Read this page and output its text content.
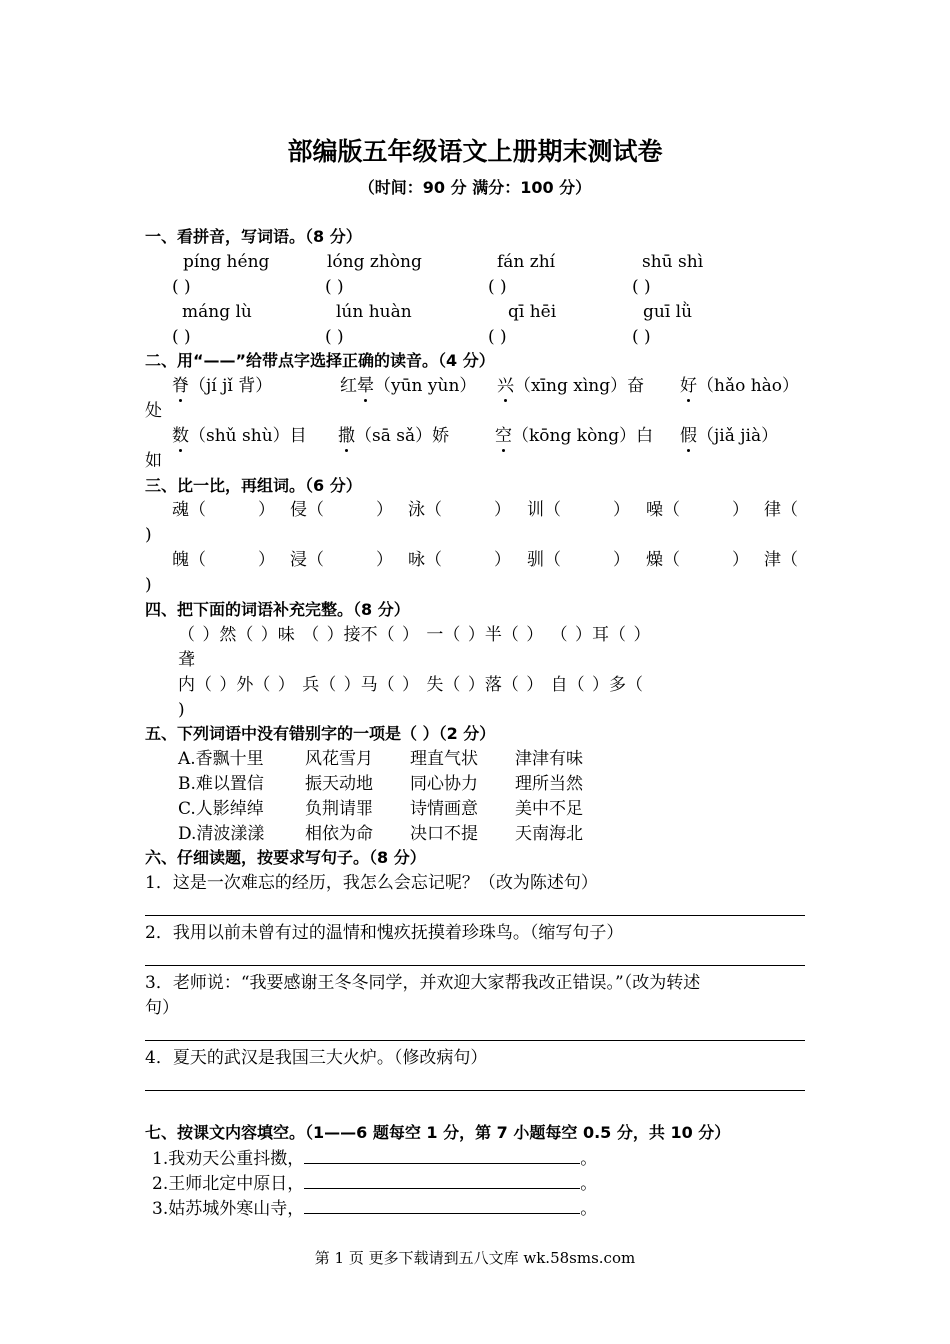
部编版五年级语文上册期末测试卷
（时间：90 分 满分：100 分）
一、看拼音，写词语。（8 分）
píng héng	lóng zhòng	fán zhí	shū shì
( )	( )	( )	( )
máng lù	lún huàn	qī hēi	guī lǜ
( )	( )	( )	( )
二、用“——”给带点字选择正确的读音。（4 分）
脊（jí jǐ 背）	红晕（yūn yùn） 兴（xīng xìng）奋 好（hǎo hào）
处
数（shǔ shù）目 撒（sā sǎ）娇	空（kōng kòng）白 假（jiǎ jià）
如
三、比一比，再组词。（6 分）
魂（	） 侵（	） 泳（	） 训（	） 噪（	） 律（
)
魄（	） 浸（	） 咏（	） 驯（	） 燥（	） 津（
)
四、把下面的词语补充完整。（8 分）
（ ）然（ ）味 （ ）接不（ ） 一（ ）半（ ） （ ）耳（ ）
聋
内（ ）外（ ） 兵（ ）马（ ） 失（ ）落（ ） 自（ ）多（
)
五、下列词语中没有错别字的一项是（ ）（2 分）
A.香飘十里 风花雪月 理直气状 津津有味
B.难以置信 振天动地 同心协力 理所当然
C.人影绰绰 负荆请罪 诗情画意 美中不足
D.清波漾漾 相依为命 决口不提 天南海北
六、仔细读题，按要求写句子。（8 分）
1．这是一次难忘的经历，我怎么会忘记呢？（改为陈述句）
2．我用以前未曾有过的温情和愧疚抚摸着珍珠鸟。（缩写句子）
3．老师说：“我要感谢王冬冬同学，并欢迎大家帮我改正错误。”（改为转述
句）
4．夏天的武汉是我国三大火炉。（修改病句）
七、按课文内容填空。（1——6 题每空 1 分，第 7 小题每空 0.5 分，共 10 分）
1.我劝天公重抖擞，	。
2.王师北定中原日，	。
3.姑苏城外寒山寺，	。
第 1 页 更多下载请到五八文库 wk.58sms.com
